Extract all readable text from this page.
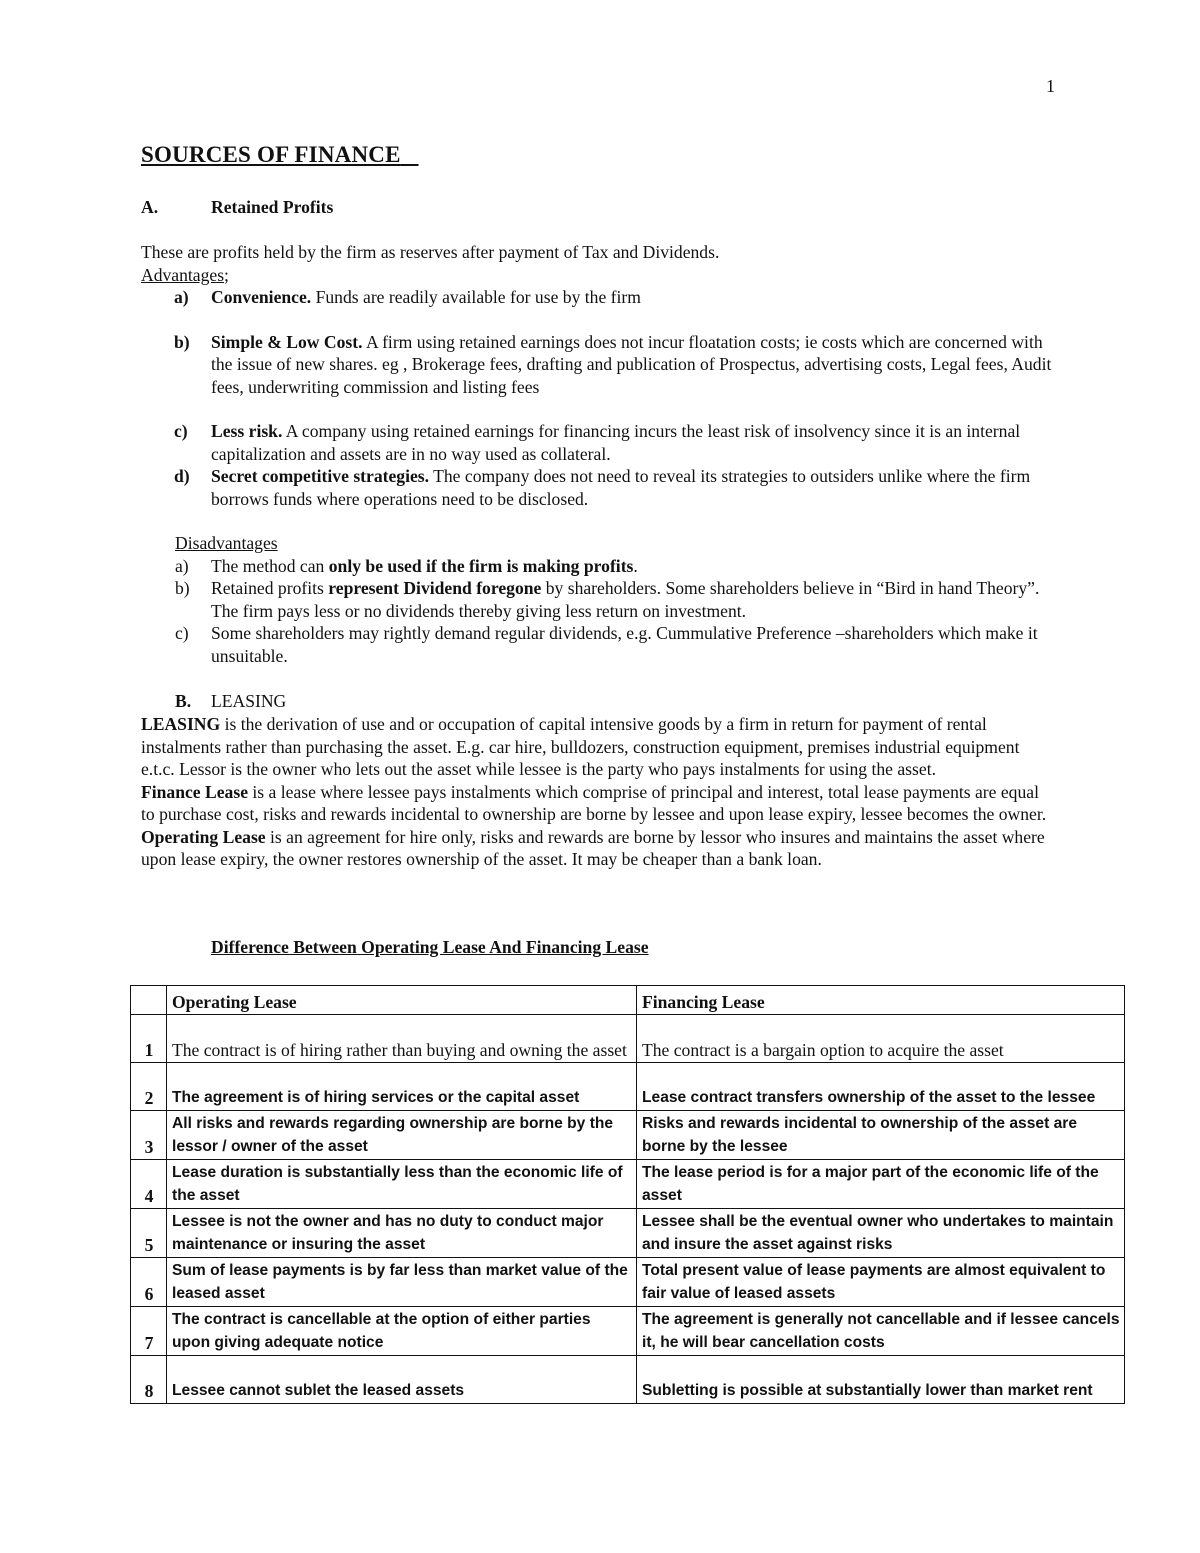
1
SOURCES OF FINANCE
A.	Retained Profits
These are profits held by the firm as reserves after payment of Tax and Dividends.
Advantages;
a) Convenience. Funds are readily available for use by the firm
b) Simple & Low Cost. A firm using retained earnings does not incur floatation costs; ie costs which are concerned with the issue of new shares. eg , Brokerage fees, drafting and publication of Prospectus, advertising costs, Legal fees, Audit fees, underwriting commission and listing fees
c) Less risk. A company using retained earnings for financing incurs the least risk of insolvency since it is an internal capitalization and assets are in no way used as collateral.
d) Secret competitive strategies. The company does not need to reveal its strategies to outsiders unlike where the firm borrows funds where operations need to be disclosed.
Disadvantages
a) The method can only be used if the firm is making profits.
b) Retained profits represent Dividend foregone by shareholders. Some shareholders believe in “Bird in hand Theory”. The firm pays less or no dividends thereby giving less return on investment.
c) Some shareholders may rightly demand regular dividends, e.g. Cummulative Preference –shareholders which make it unsuitable.
B. LEASING
LEASING is the derivation of use and or occupation of capital intensive goods by a firm in return for payment of rental instalments rather than purchasing the asset. E.g. car hire, bulldozers, construction equipment, premises industrial equipment e.t.c. Lessor is the owner who lets out the asset while lessee is the party who pays instalments for using the asset.
Finance Lease is a lease where lessee pays instalments which comprise of principal and interest, total lease payments are equal to purchase cost, risks and rewards incidental to ownership are borne by lessee and upon lease expiry, lessee becomes the owner.
Operating Lease is an agreement for hire only, risks and rewards are borne by lessor who insures and maintains the asset where upon lease expiry, the owner restores ownership of the asset. It may be cheaper than a bank loan.
Difference Between Operating Lease And Financing Lease
	Operating Lease	Financing Lease
1	The contract is of hiring rather than buying and owning the asset	The contract is a bargain option to acquire the asset
2	The agreement is of hiring services or the capital asset	Lease contract transfers ownership of the asset to the lessee
3	All risks and rewards regarding ownership are borne by the lessor / owner of the asset	Risks and rewards incidental to ownership of the asset are borne by the lessee
4	Lease duration is substantially less than the economic life of the asset	The lease period is for a major part of the economic life of the asset
5	Lessee is not the owner and has no duty to conduct major maintenance or insuring the asset	Lessee shall be the eventual owner who undertakes to maintain and insure the asset against risks
6	Sum of lease payments is by far less than market value of the leased asset	Total present value of lease payments are almost equivalent to fair value of leased assets
7	The contract is cancellable at the option of either parties upon giving adequate notice	The agreement is generally not cancellable and if lessee cancels it, he will bear cancellation costs
8	Lessee cannot sublet the leased assets	Subletting is possible at substantially lower than market rent
